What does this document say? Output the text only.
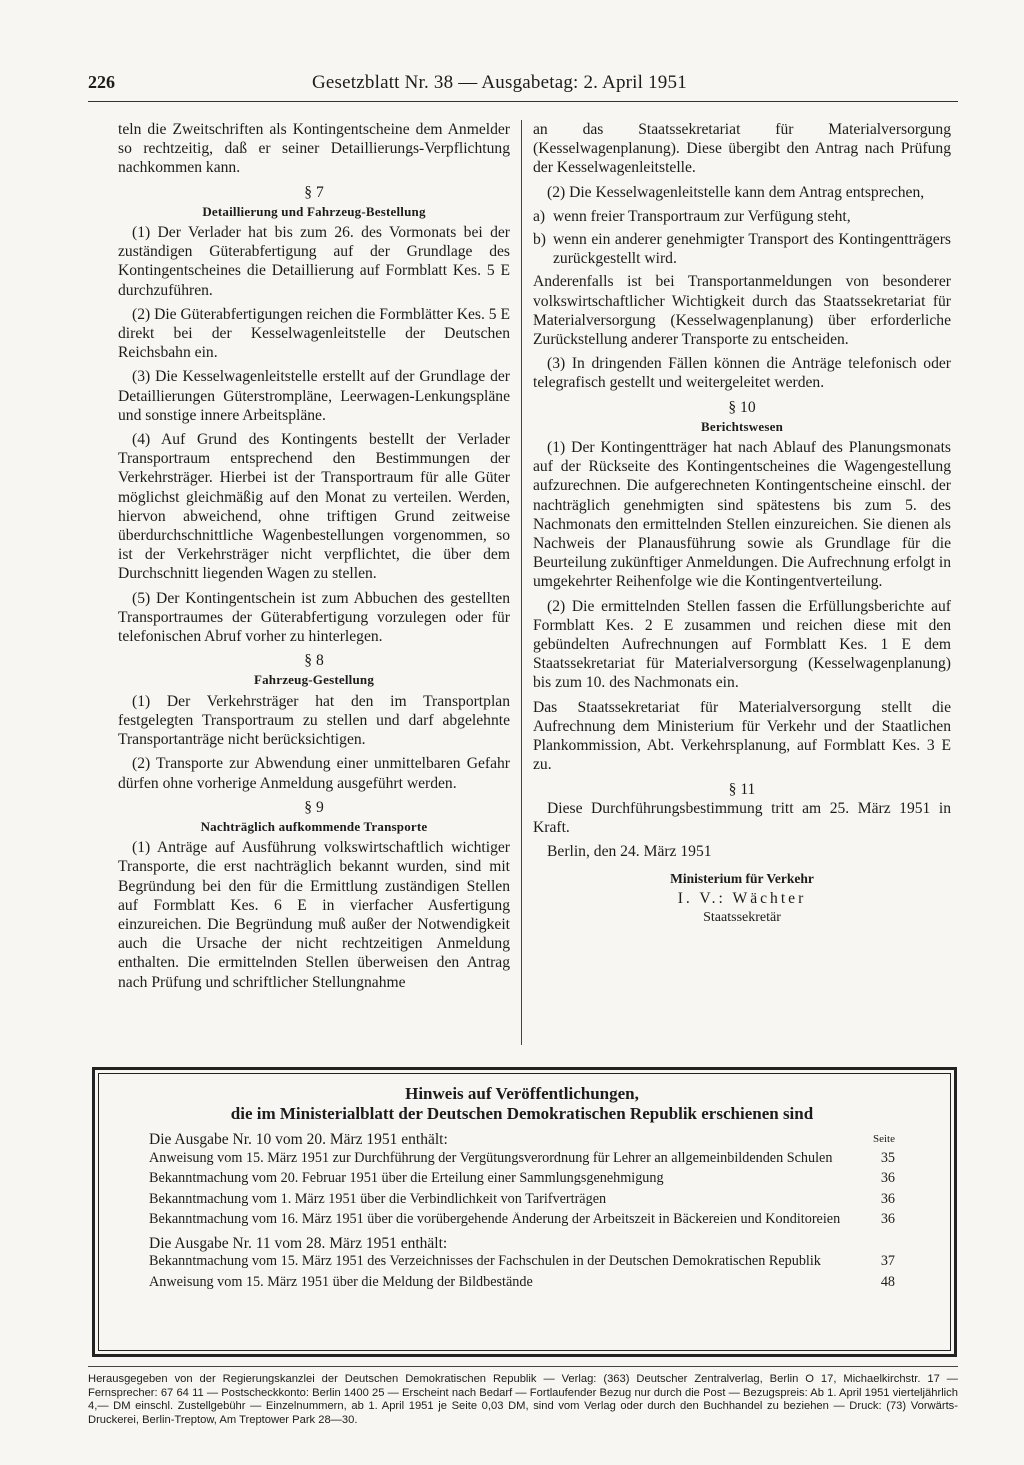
226	Gesetzblatt Nr. 38 — Ausgabetag: 2. April 1951

teln die Zweitschriften als Kontingentscheine dem Anmelder so rechtzeitig, daß er seiner Detaillierungs-Verpflichtung nachkommen kann.

§ 7
Detaillierung und Fahrzeug-Bestellung

(1) Der Verlader hat bis zum 26. des Vormonats bei der zuständigen Güterabfertigung auf der Grundlage des Kontingentscheines die Detaillierung auf Formblatt Kes. 5 E durchzuführen.

(2) Die Güterabfertigungen reichen die Formblätter Kes. 5 E direkt bei der Kesselwagenleitstelle der Deutschen Reichsbahn ein.

(3) Die Kesselwagenleitstelle erstellt auf der Grundlage der Detaillierungen Güterstrompläne, Leerwagen-Lenkungspläne und sonstige innere Arbeitspläne.

(4) Auf Grund des Kontingents bestellt der Verlader Transportraum entsprechend den Bestimmungen der Verkehrsträger. Hierbei ist der Transportraum für alle Güter möglichst gleichmäßig auf den Monat zu verteilen. Werden, hiervon abweichend, ohne triftigen Grund zeitweise überdurchschnittliche Wagenbestellungen vorgenommen, so ist der Verkehrsträger nicht verpflichtet, die über dem Durchschnitt liegenden Wagen zu stellen.

(5) Der Kontingentschein ist zum Abbuchen des gestellten Transportraumes der Güterabfertigung vorzulegen oder für telefonischen Abruf vorher zu hinterlegen.

§ 8
Fahrzeug-Gestellung

(1) Der Verkehrsträger hat den im Transportplan festgelegten Transportraum zu stellen und darf abgelehnte Transportanträge nicht berücksichtigen.

(2) Transporte zur Abwendung einer unmittelbaren Gefahr dürfen ohne vorherige Anmeldung ausgeführt werden.

§ 9
Nachträglich aufkommende Transporte

(1) Anträge auf Ausführung volkswirtschaftlich wichtiger Transporte, die erst nachträglich bekannt wurden, sind mit Begründung bei den für die Ermittlung zuständigen Stellen auf Formblatt Kes. 6 E in vierfacher Ausfertigung einzureichen. Die Begründung muß außer der Notwendigkeit auch die Ursache der nicht rechtzeitigen Anmeldung enthalten. Die ermittelnden Stellen überweisen den Antrag nach Prüfung und schriftlicher Stellungnahme

an das Staatssekretariat für Materialversorgung (Kesselwagenplanung). Diese übergibt den Antrag nach Prüfung der Kesselwagenleitstelle.

(2) Die Kesselwagenleitstelle kann dem Antrag entsprechen,

a) wenn freier Transportraum zur Verfügung steht,
b) wenn ein anderer genehmigter Transport des Kontingentträgers zurückgestellt wird.

Anderenfalls ist bei Transportanmeldungen von besonderer volkswirtschaftlicher Wichtigkeit durch das Staatssekretariat für Materialversorgung (Kesselwagenplanung) über erforderliche Zurückstellung anderer Transporte zu entscheiden.

(3) In dringenden Fällen können die Anträge telefonisch oder telegrafisch gestellt und weitergeleitet werden.

§ 10
Berichtswesen

(1) Der Kontingentträger hat nach Ablauf des Planungsmonats auf der Rückseite des Kontingentscheines die Wagengestellung aufzurechnen. Die aufgerechneten Kontingentscheine einschl. der nachträglich genehmigten sind spätestens bis zum 5. des Nachmonats den ermittelnden Stellen einzureichen. Sie dienen als Nachweis der Planausführung sowie als Grundlage für die Beurteilung zukünftiger Anmeldungen. Die Aufrechnung erfolgt in umgekehrter Reihenfolge wie die Kontingentverteilung.

(2) Die ermittelnden Stellen fassen die Erfüllungsberichte auf Formblatt Kes. 2 E zusammen und reichen diese mit den gebündelten Aufrechnungen auf Formblatt Kes. 1 E dem Staatssekretariat für Materialversorgung (Kesselwagenplanung) bis zum 10. des Nachmonats ein.

Das Staatssekretariat für Materialversorgung stellt die Aufrechnung dem Ministerium für Verkehr und der Staatlichen Plankommission, Abt. Verkehrsplanung, auf Formblatt Kes. 3 E zu.

§ 11

Diese Durchführungsbestimmung tritt am 25. März 1951 in Kraft.

Berlin, den 24. März 1951

Ministerium für Verkehr
I. V.: Wächter
Staatssekretär
Hinweis auf Veröffentlichungen,
die im Ministerialblatt der Deutschen Demokratischen Republik erschienen sind
Die Ausgabe Nr. 10 vom 20. März 1951 enthält:	Seite
Anweisung vom 15. März 1951 zur Durchführung der Vergütungsverordnung für Lehrer an allgemeinbildenden Schulen	35
Bekanntmachung vom 20. Februar 1951 über die Erteilung einer Sammlungsgenehmigung	36
Bekanntmachung vom 1. März 1951 über die Verbindlichkeit von Tarifverträgen	36
Bekanntmachung vom 16. März 1951 über die vorübergehende Änderung der Arbeitszeit in Bäckereien und Konditoreien	36
Die Ausgabe Nr. 11 vom 28. März 1951 enthält:
Bekanntmachung vom 15. März 1951 des Verzeichnisses der Fachschulen in der Deutschen Demokratischen Republik	37
Anweisung vom 15. März 1951 über die Meldung der Bildbestände	48
Herausgegeben von der Regierungskanzlei der Deutschen Demokratischen Republik — Verlag: (363) Deutscher Zentralverlag, Berlin O 17, Michaelkirchstr. 17 — Fernsprecher: 67 64 11 — Postscheckkonto: Berlin 1400 25 — Erscheint nach Bedarf — Fortlaufender Bezug nur durch die Post — Bezugspreis: Ab 1. April 1951 vierteljährlich 4,— DM einschl. Zustellgebühr — Einzelnummern, ab 1. April 1951 je Seite 0,03 DM, sind vom Verlag oder durch den Buchhandel zu beziehen — Druck: (73) Vorwärts-Druckerei, Berlin-Treptow, Am Treptower Park 28—30.
